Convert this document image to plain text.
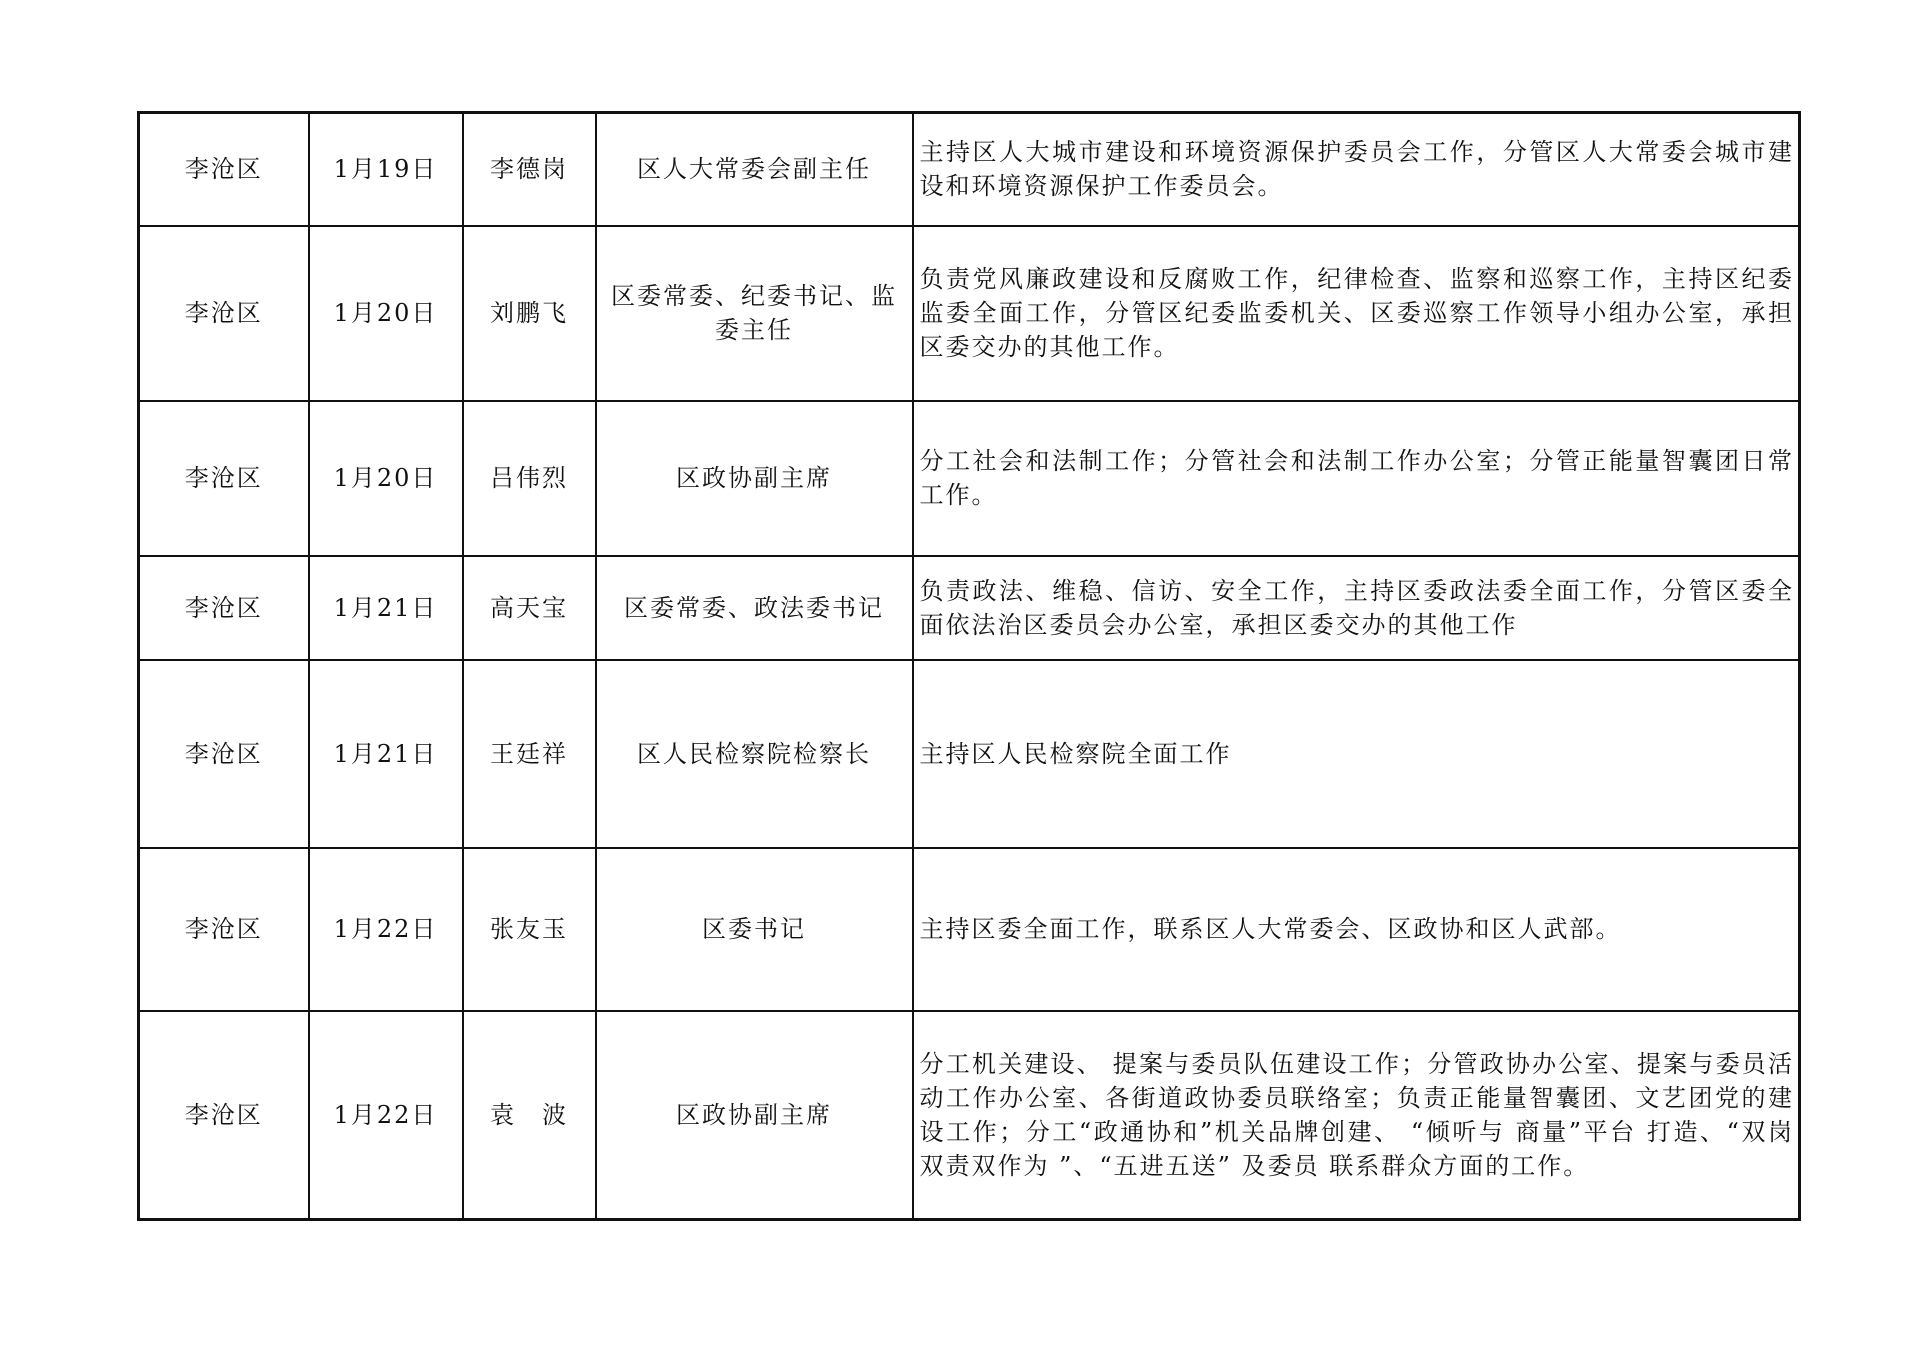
李沧区	1月19日	李德岗	区人大常委会副主任	主持区人大城市建设和环境资源保护委员会工作，分管区人大常委会城市建设和环境资源保护工作委员会。
李沧区	1月20日	刘鹏飞	区委常委、纪委书记、监委主任	负责党风廉政建设和反腐败工作，纪律检查、监察和巡察工作，主持区纪委监委全面工作，分管区纪委监委机关、区委巡察工作领导小组办公室，承担区委交办的其他工作。
李沧区	1月20日	吕伟烈	区政协副主席	分工社会和法制工作；分管社会和法制工作办公室；分管正能量智囊团日常工作。
李沧区	1月21日	高天宝	区委常委、政法委书记	负责政法、维稳、信访、安全工作，主持区委政法委全面工作，分管区委全面依法治区委员会办公室，承担区委交办的其他工作
李沧区	1月21日	王廷祥	区人民检察院检察长	主持区人民检察院全面工作
李沧区	1月22日	张友玉	区委书记	主持区委全面工作，联系区人大常委会、区政协和区人武部。
李沧区	1月22日	袁　波	区政协副主席	分工机关建设、 提案与委员队伍建设工作；分管政协办公室、提案与委员活动工作办公室、各街道政协委员联络室；负责正能量智囊团、文艺团党的建设工作；分工“政通协和”机关品牌创建、 “倾听与 商量”平台 打造、“双岗双责双作为 ”、“五进五送” 及委员 联系群众方面的工作。
